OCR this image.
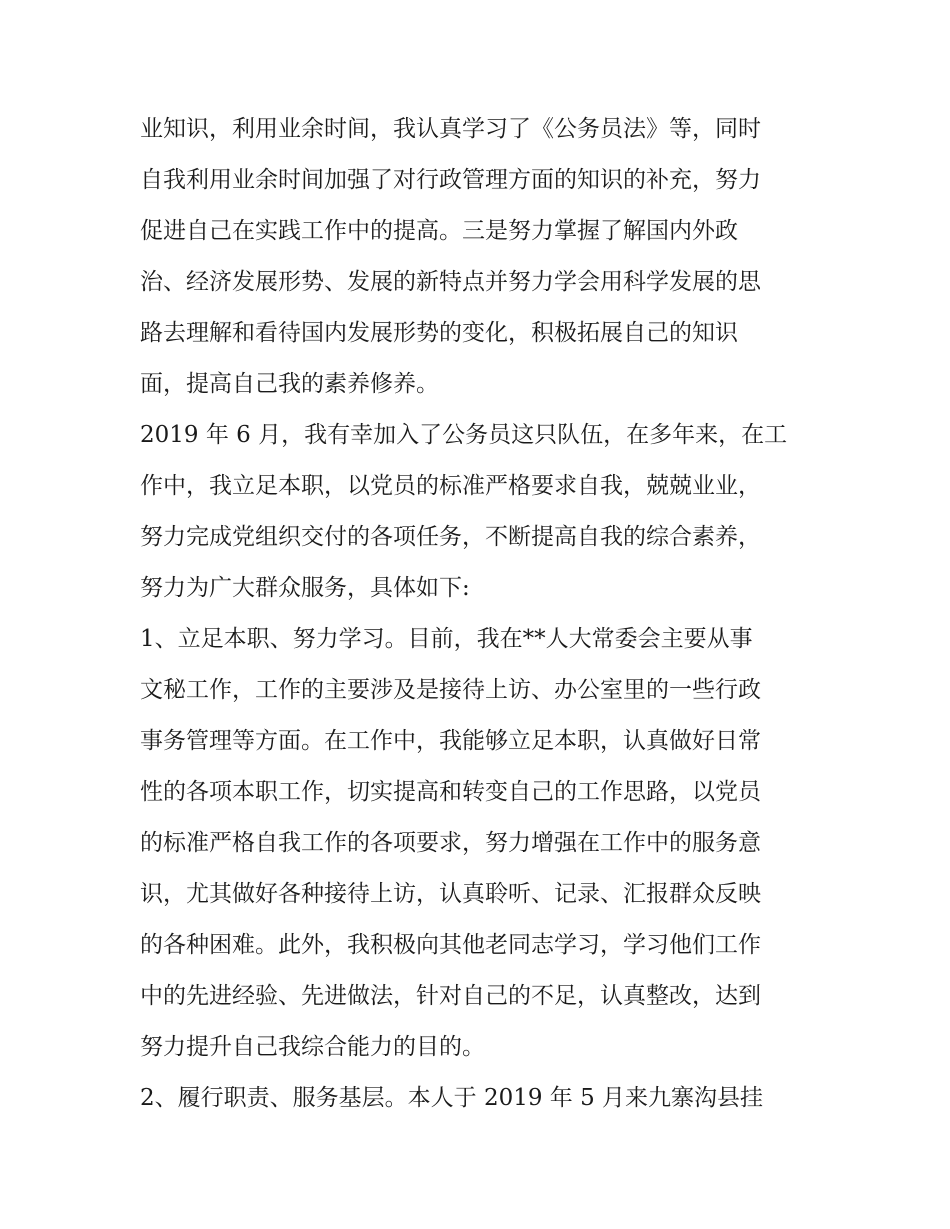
业知识，利用业余时间，我认真学习了《公务员法》等，同时
自我利用业余时间加强了对行政管理方面的知识的补充，努力
促进自己在实践工作中的提高。三是努力掌握了解国内外政
治、经济发展形势、发展的新特点并努力学会用科学发展的思
路去理解和看待国内发展形势的变化，积极拓展自己的知识
面，提高自己我的素养修养。
2019 年 6 月，我有幸加入了公务员这只队伍，在多年来，在工
作中，我立足本职，以党员的标准严格要求自我，兢兢业业，
努力完成党组织交付的各项任务，不断提高自我的综合素养，
努力为广大群众服务，具体如下:
1、立足本职、努力学习。目前，我在**人大常委会主要从事
文秘工作，工作的主要涉及是接待上访、办公室里的一些行政
事务管理等方面。在工作中，我能够立足本职，认真做好日常
性的各项本职工作，切实提高和转变自己的工作思路，以党员
的标准严格自我工作的各项要求，努力增强在工作中的服务意
识，尤其做好各种接待上访，认真聆听、记录、汇报群众反映
的各种困难。此外，我积极向其他老同志学习，学习他们工作
中的先进经验、先进做法，针对自己的不足，认真整改，达到
努力提升自己我综合能力的目的。
2、履行职责、服务基层。本人于 2019 年 5 月来九寨沟县挂
